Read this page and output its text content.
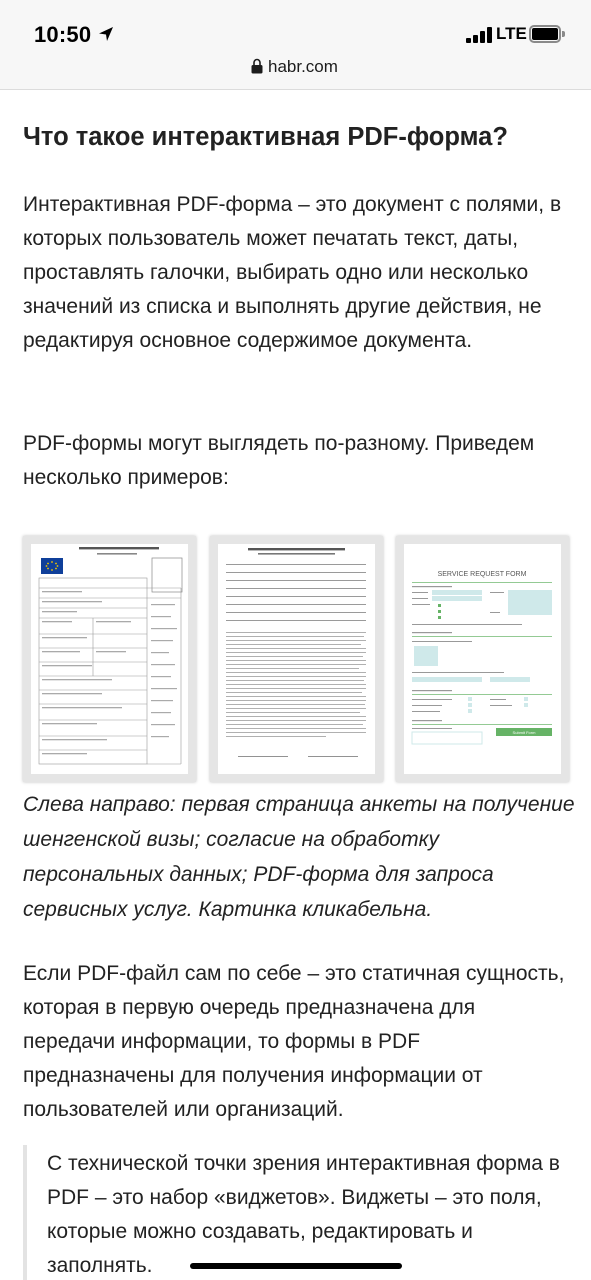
10:50	LTE
habr.com
Что такое интерактивная PDF-форма?

Интерактивная PDF-форма – это документ с полями, в которых пользователь может печатать текст, даты, проставлять галочки, выбирать одно или несколько значений из списка и выполнять другие действия, не редактируя основное содержимое документа.

PDF-формы могут выглядеть по-разному. Приведем несколько примеров:

SERVICE REQUEST FORM
Submit Form

Слева направо: первая страница анкеты на получение шенгенской визы; согласие на обработку персональных данных; PDF-форма для запроса сервисных услуг. Картинка кликабельна.

Если PDF-файл сам по себе – это статичная сущность, которая в первую очередь предназначена для передачи информации, то формы в PDF предназначены для получения информации от пользователей или организаций.

С технической точки зрения интерактивная форма в PDF – это набор «виджетов». Виджеты – это поля, которые можно создавать, редактировать и заполнять.
